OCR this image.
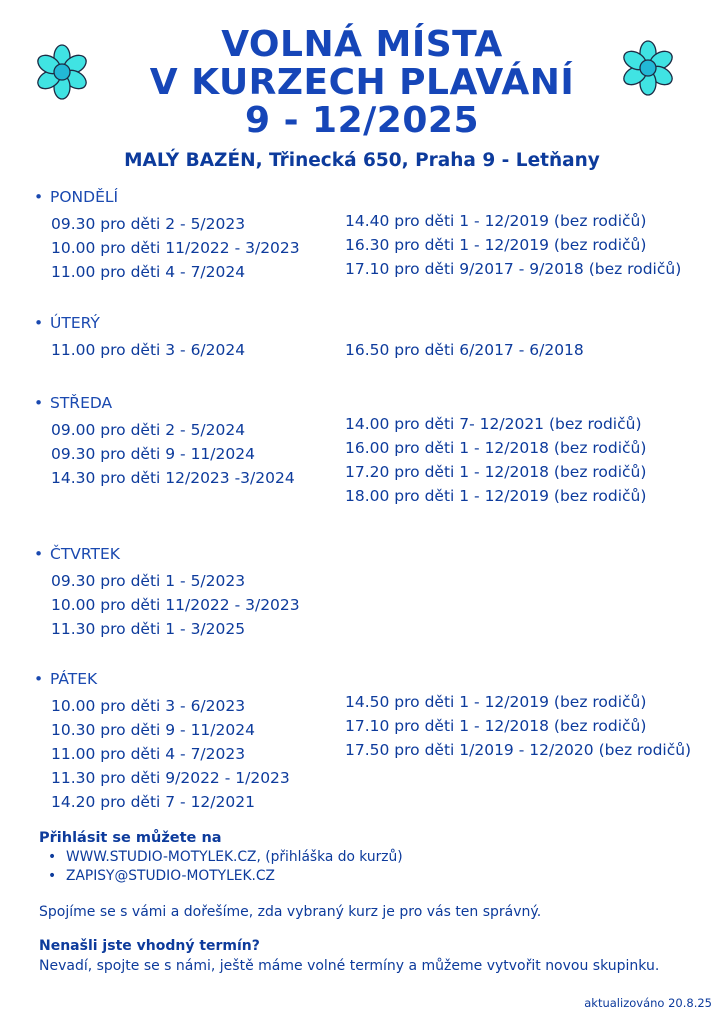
VOLNÁ MÍSTA
V KURZECH PLAVÁNÍ
9 - 12/2025
MALÝ BAZÉN, Třinecká 650, Praha 9 - Letňany
• PONDĚLÍ
09.30 pro děti 2 - 5/2023
10.00 pro děti 11/2022 - 3/2023
11.00 pro děti 4 - 7/2024
14.40 pro děti 1 - 12/2019 (bez rodičů)
16.30 pro děti 1 - 12/2019 (bez rodičů)
17.10 pro děti 9/2017 - 9/2018 (bez rodičů)
• ÚTERÝ
11.00 pro děti 3 - 6/2024	16.50 pro děti 6/2017 - 6/2018
• STŘEDA
09.00 pro děti 2 - 5/2024
09.30 pro děti 9 - 11/2024
14.30 pro děti 12/2023 -3/2024
14.00 pro děti 7- 12/2021 (bez rodičů)
16.00 pro děti 1 - 12/2018 (bez rodičů)
17.20 pro děti 1 - 12/2018 (bez rodičů)
18.00 pro děti 1 - 12/2019 (bez rodičů)
• ČTVRTEK
09.30 pro děti 1 - 5/2023
10.00 pro děti 11/2022 - 3/2023
11.30 pro děti 1 - 3/2025
• PÁTEK
10.00 pro děti 3 - 6/2023
10.30 pro děti 9 - 11/2024
11.00 pro děti 4 - 7/2023
11.30 pro děti 9/2022 - 1/2023
14.20 pro děti 7 - 12/2021
14.50 pro děti 1 - 12/2019 (bez rodičů)
17.10 pro děti 1 - 12/2018 (bez rodičů)
17.50 pro děti 1/2019 - 12/2020 (bez rodičů)
Přihlásit se můžete na
• WWW.STUDIO-MOTYLEK.CZ, (přihláška do kurzů)
• ZAPISY@STUDIO-MOTYLEK.CZ
Spojíme se s vámi a dořešíme, zda vybraný kurz je pro vás ten správný.
Nenašli jste vhodný termín?
Nevadí, spojte se s námi, ještě máme volné termíny a můžeme vytvořit novou skupinku.
aktualizováno 20.8.25
